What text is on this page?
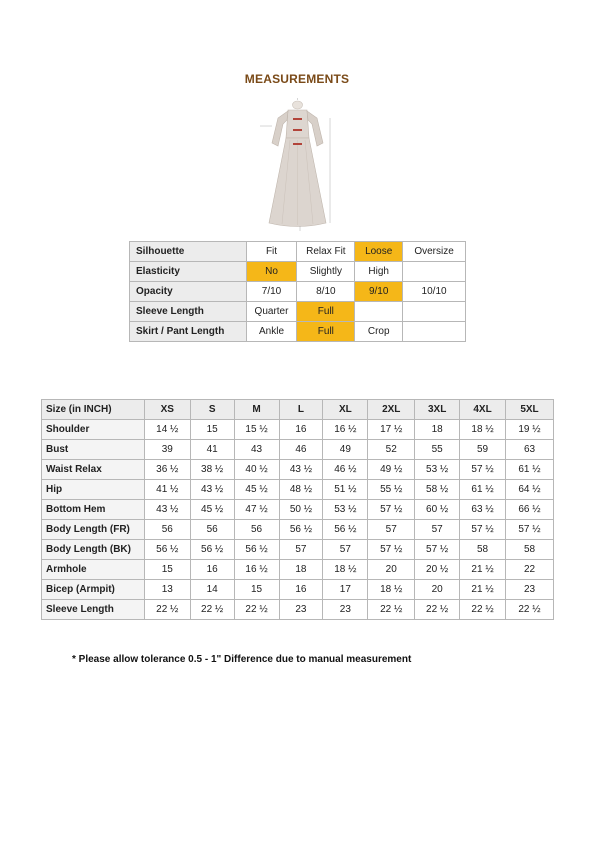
MEASUREMENTS
Silhouette	Fit	Relax Fit	Loose	Oversize
Elasticity	No	Slightly	High	
Opacity	7/10	8/10	9/10	10/10
Sleeve Length	Quarter	Full		
Skirt / Pant Length	Ankle	Full	Crop	
Size (in INCH)	XS	S	M	L	XL	2XL	3XL	4XL	5XL
Shoulder	14 ½	15	15 ½	16	16 ½	17 ½	18	18 ½	19 ½
Bust	39	41	43	46	49	52	55	59	63
Waist Relax	36 ½	38 ½	40 ½	43 ½	46 ½	49 ½	53 ½	57 ½	61 ½
Hip	41 ½	43 ½	45 ½	48 ½	51 ½	55 ½	58 ½	61 ½	64 ½
Bottom Hem	43 ½	45 ½	47 ½	50 ½	53 ½	57 ½	60 ½	63 ½	66 ½
Body Length (FR)	56	56	56	56 ½	56 ½	57	57	57 ½	57 ½
Body Length (BK)	56 ½	56 ½	56 ½	57	57	57 ½	57 ½	58	58
Armhole	15	16	16 ½	18	18 ½	20	20 ½	21 ½	22
Bicep (Armpit)	13	14	15	16	17	18 ½	20	21 ½	23
Sleeve Length	22 ½	22 ½	22 ½	23	23	22 ½	22 ½	22 ½	22 ½
* Please allow tolerance 0.5 - 1" Difference due to manual measurement
